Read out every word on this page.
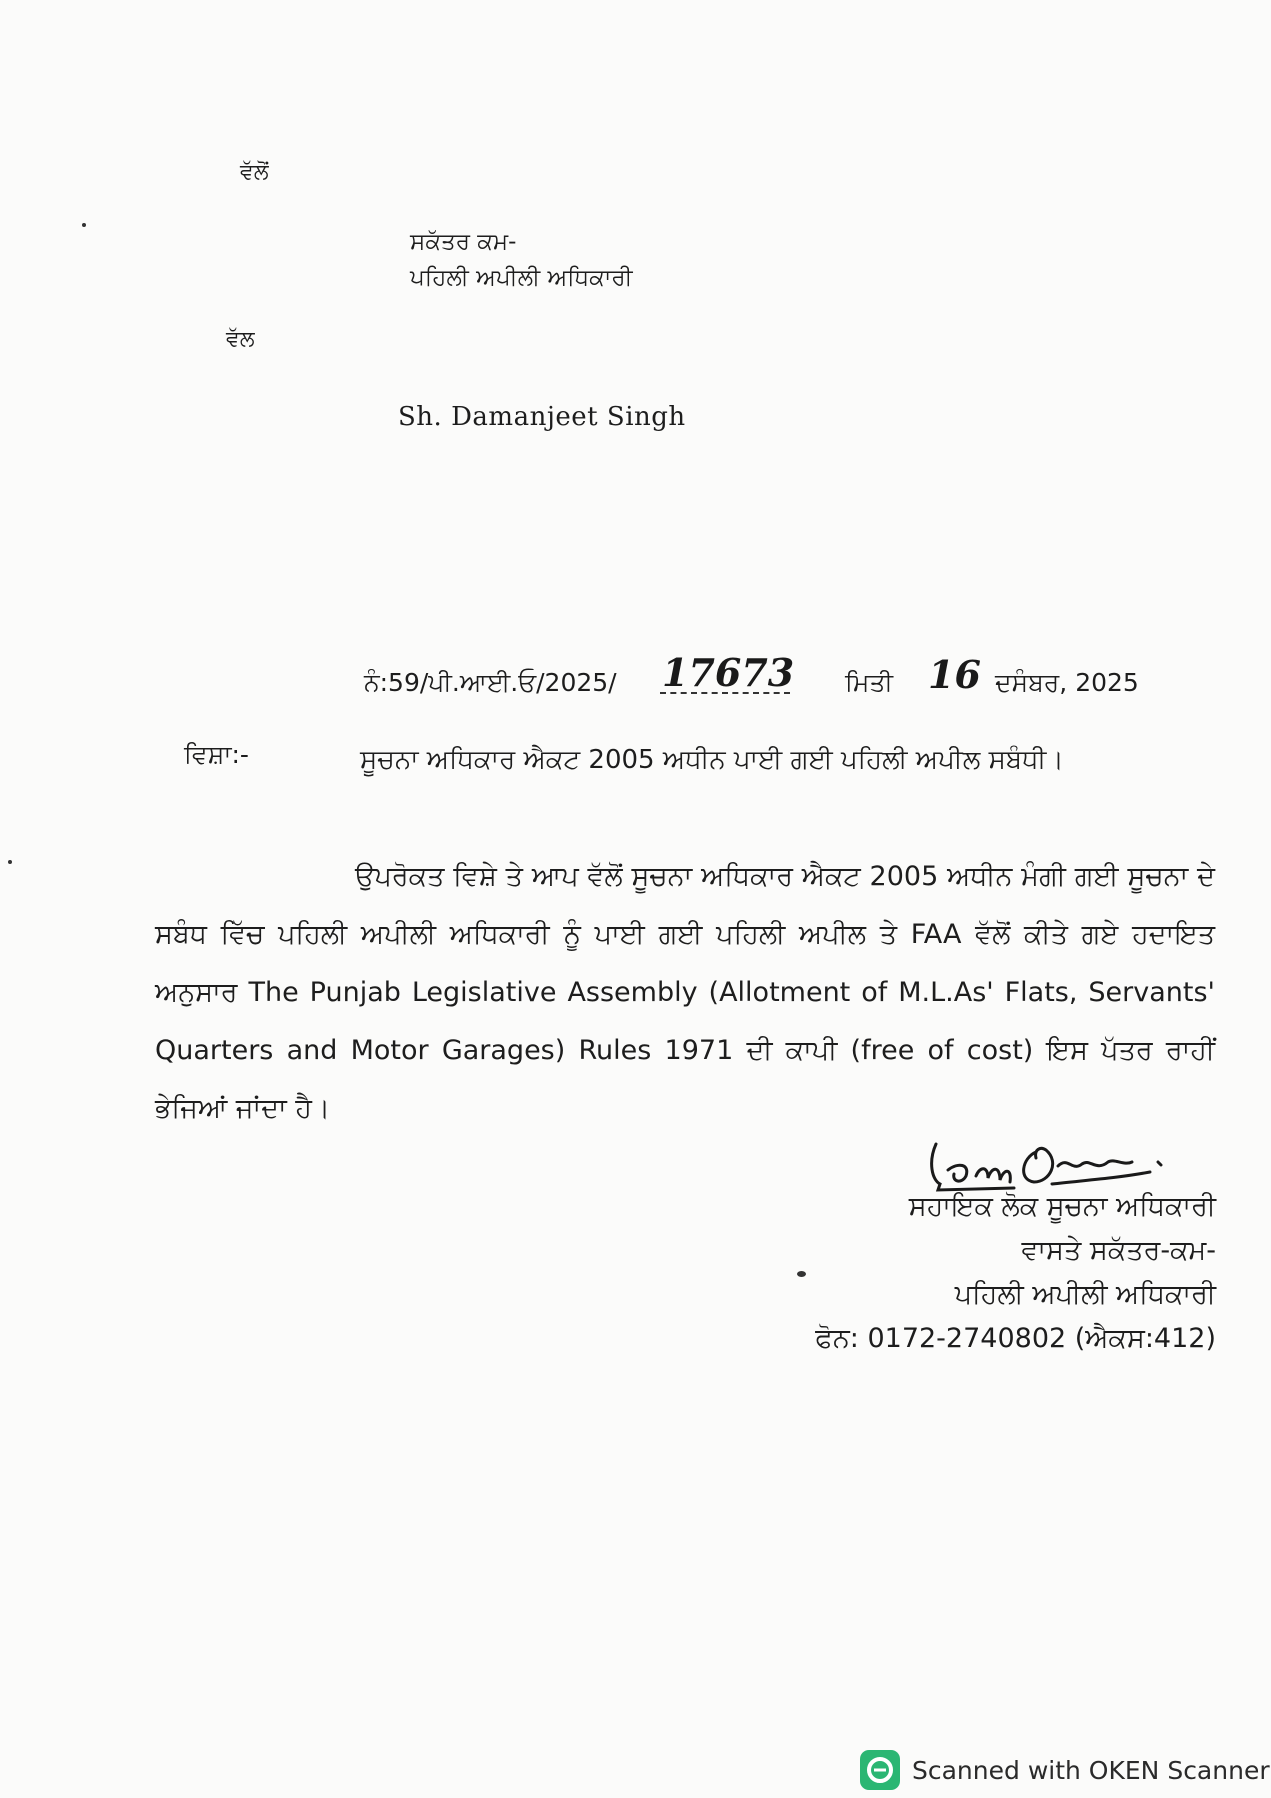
ਵੱਲੋਂ
ਸਕੱਤਰ ਕਮ-
ਪਹਿਲੀ ਅਪੀਲੀ ਅਧਿਕਾਰੀ
ਵੱਲ
Sh. Damanjeet Singh
ਨੰ:59/ਪੀ.ਆਈ.ਓ/2025/ 17673 ਮਿਤੀ 16 ਦਸੰਬਰ, 2025
ਵਿਸ਼ਾ:-	ਸੂਚਨਾ ਅਧਿਕਾਰ ਐਕਟ 2005 ਅਧੀਨ ਪਾਈ ਗਈ ਪਹਿਲੀ ਅਪੀਲ ਸਬੰਧੀ।
ਉਪਰੋਕਤ ਵਿਸ਼ੇ ਤੇ ਆਪ ਵੱਲੋਂ ਸੂਚਨਾ ਅਧਿਕਾਰ ਐਕਟ 2005 ਅਧੀਨ ਮੰਗੀ ਗਈ ਸੂਚਨਾ ਦੇ ਸਬੰਧ ਵਿੱਚ ਪਹਿਲੀ ਅਪੀਲੀ ਅਧਿਕਾਰੀ ਨੂੰ ਪਾਈ ਗਈ ਪਹਿਲੀ ਅਪੀਲ ਤੇ FAA ਵੱਲੋਂ ਕੀਤੇ ਗਏ ਹਦਾਇਤ ਅਨੁਸਾਰ The Punjab Legislative Assembly (Allotment of M.L.As' Flats, Servants' Quarters and Motor Garages) Rules 1971 ਦੀ ਕਾਪੀ (free of cost) ਇਸ ਪੱਤਰ ਰਾਹੀਂ ਭੇਜਿਆਂ ਜਾਂਦਾ ਹੈ।
ਸਹਾਇਕ ਲੋਕ ਸੂਚਨਾ ਅਧਿਕਾਰੀ
ਵਾਸਤੇ ਸਕੱਤਰ-ਕਮ-
ਪਹਿਲੀ ਅਪੀਲੀ ਅਧਿਕਾਰੀ
ਫੋਨ: 0172-2740802 (ਐਕਸ:412)
Scanned with OKEN Scanner
